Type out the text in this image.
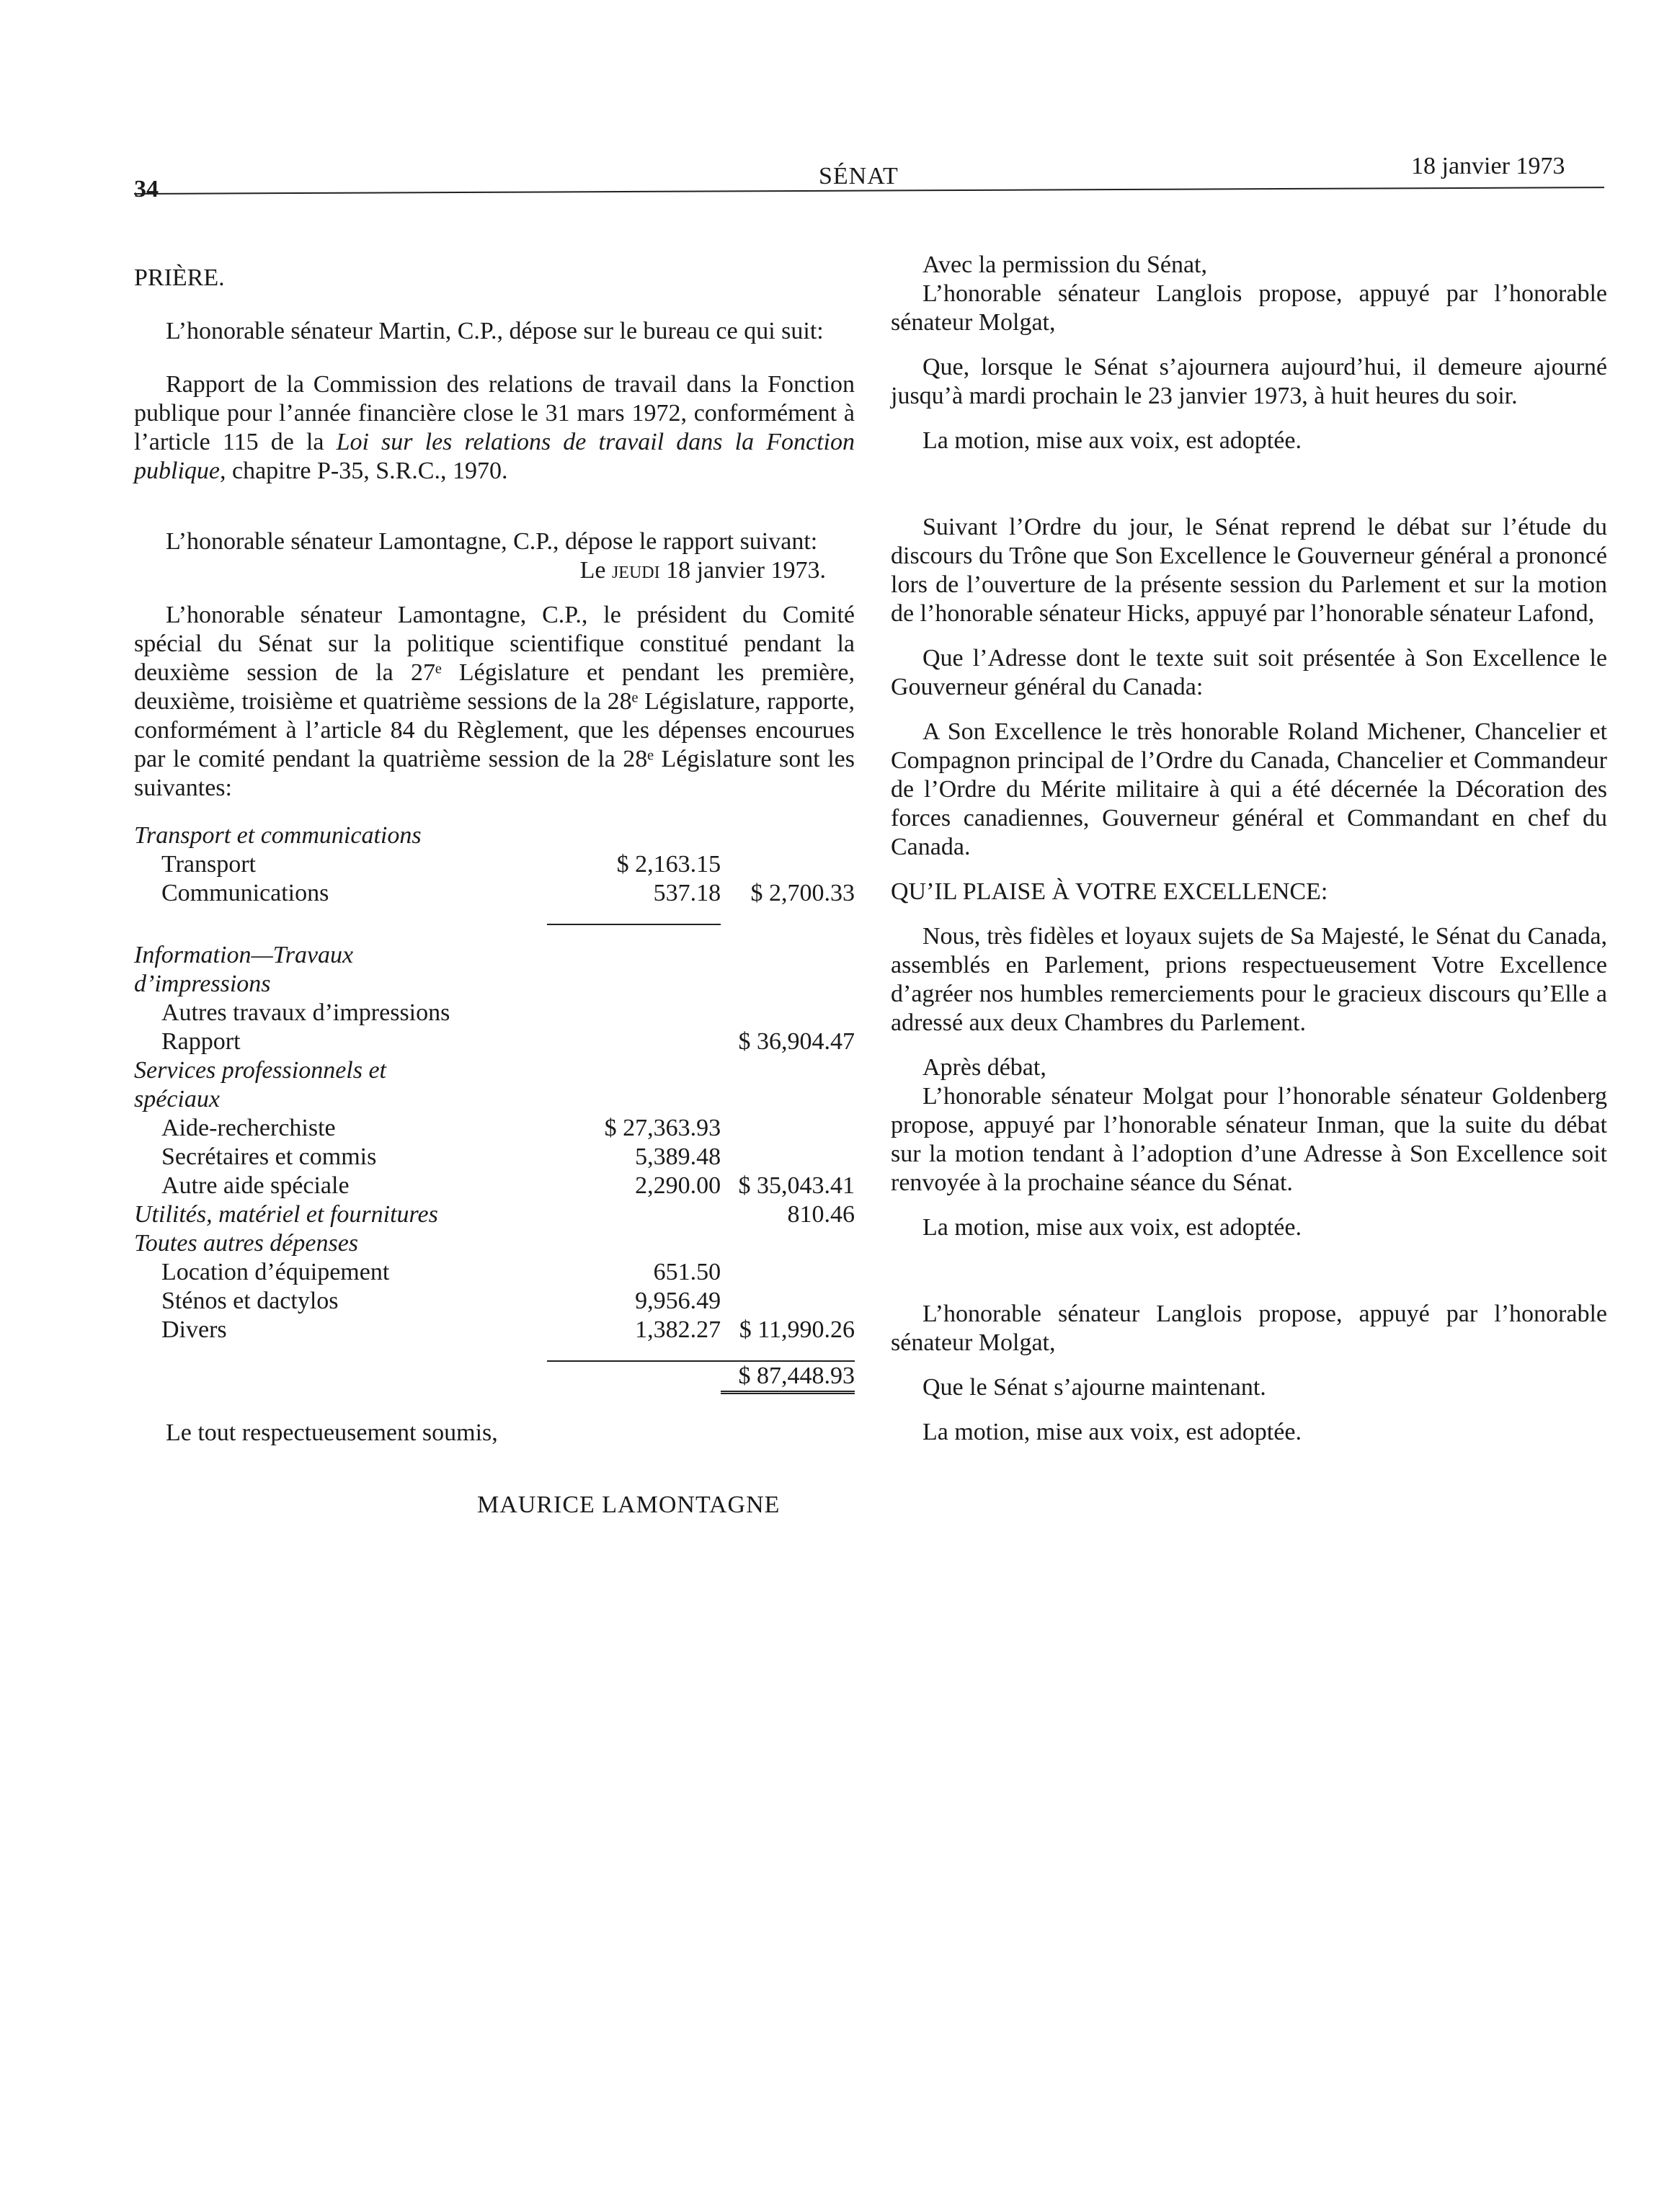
34	SÉNAT	18 janvier 1973

PRIÈRE.

L’honorable sénateur Martin, C.P., dépose sur le bureau ce qui suit:

Rapport de la Commission des relations de travail dans la Fonction publique pour l’année financière close le 31 mars 1972, conformément à l’article 115 de la Loi sur les relations de travail dans la Fonction publique, chapitre P-35, S.R.C., 1970.

L’honorable sénateur Lamontagne, C.P., dépose le rapport suivant:

Le jeudi 18 janvier 1973.

L’honorable sénateur Lamontagne, C.P., le président du Comité spécial du Sénat sur la politique scientifique constitué pendant la deuxième session de la 27ᵉ Législature et pendant les première, deuxième, troisième et quatrième sessions de la 28ᵉ Législature, rapporte, conformément à l’article 84 du Règlement, que les dépenses encourues par le comité pendant la quatrième session de la 28ᵉ Législature sont les suivantes:

Transport et communications		
Transport	$ 2,163.15	
Communications	537.18	$ 2,700.33

Information—Travaux		
d’impressions		
Autres travaux d’impressions		
Rapport		$ 36,904.47
Services professionnels et		
spéciaux		
Aide-recherchiste	$ 27,363.93	
Secrétaires et commis	5,389.48	
Autre aide spéciale	2,290.00	$ 35,043.41
Utilités, matériel et fournitures		810.46
Toutes autres dépenses		
Location d’équipement	651.50	
Sténos et dactylos	9,956.49	
Divers	1,382.27	$ 11,990.26

		$ 87,448.93

Le tout respectueusement soumis,

MAURICE LAMONTAGNE

Avec la permission du Sénat,

L’honorable sénateur Langlois propose, appuyé par l’honorable sénateur Molgat,

Que, lorsque le Sénat s’ajournera aujourd’hui, il demeure ajourné jusqu’à mardi prochain le 23 janvier 1973, à huit heures du soir.

La motion, mise aux voix, est adoptée.

Suivant l’Ordre du jour, le Sénat reprend le débat sur l’étude du discours du Trône que Son Excellence le Gouverneur général a prononcé lors de l’ouverture de la présente session du Parlement et sur la motion de l’honorable sénateur Hicks, appuyé par l’honorable sénateur Lafond,

Que l’Adresse dont le texte suit soit présentée à Son Excellence le Gouverneur général du Canada:

A Son Excellence le très honorable Roland Michener, Chancelier et Compagnon principal de l’Ordre du Canada, Chancelier et Commandeur de l’Ordre du Mérite militaire à qui a été décernée la Décoration des forces canadiennes, Gouverneur général et Commandant en chef du Canada.

QU’IL PLAISE À VOTRE EXCELLENCE:

Nous, très fidèles et loyaux sujets de Sa Majesté, le Sénat du Canada, assemblés en Parlement, prions respectueusement Votre Excellence d’agréer nos humbles remerciements pour le gracieux discours qu’Elle a adressé aux deux Chambres du Parlement.

Après débat,

L’honorable sénateur Molgat pour l’honorable sénateur Goldenberg propose, appuyé par l’honorable sénateur Inman, que la suite du débat sur la motion tendant à l’adoption d’une Adresse à Son Excellence soit renvoyée à la prochaine séance du Sénat.

La motion, mise aux voix, est adoptée.

L’honorable sénateur Langlois propose, appuyé par l’honorable sénateur Molgat,

Que le Sénat s’ajourne maintenant.

La motion, mise aux voix, est adoptée.
